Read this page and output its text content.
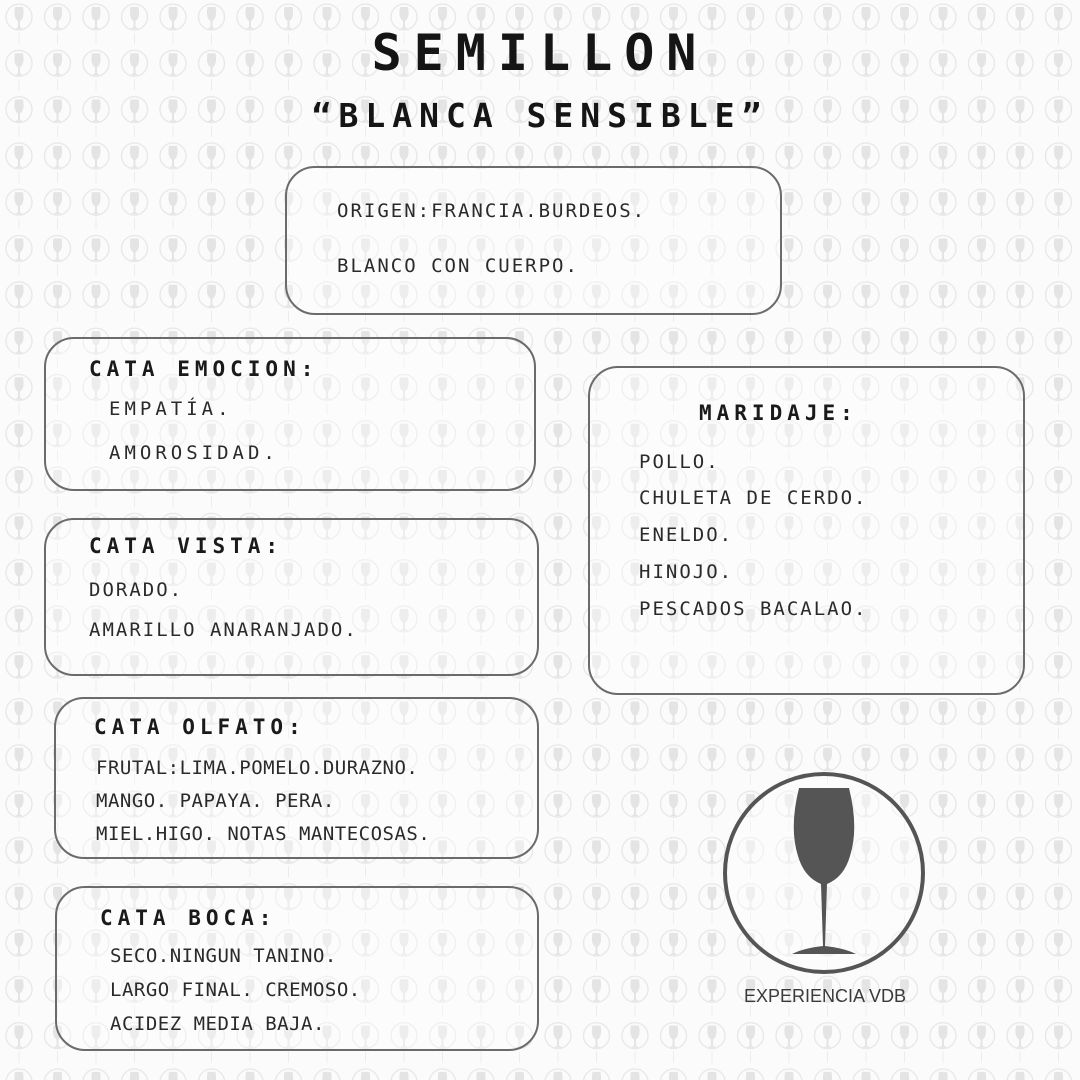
SEMILLON
“BLANCA SENSIBLE”
ORIGEN:FRANCIA.BURDEOS.
BLANCO CON CUERPO.
CATA EMOCION:
EMPATÍA.
AMOROSIDAD.
CATA VISTA:
DORADO.
AMARILLO ANARANJADO.
CATA OLFATO:
FRUTAL:LIMA.POMELO.DURAZNO.
MANGO. PAPAYA. PERA.
MIEL.HIGO. NOTAS MANTECOSAS.
CATA BOCA:
SECO.NINGUN TANINO.
LARGO FINAL. CREMOSO.
ACIDEZ MEDIA BAJA.
MARIDAJE:
POLLO.
CHULETA DE CERDO.
ENELDO.
HINOJO.
PESCADOS BACALAO.
EXPERIENCIA VDB
